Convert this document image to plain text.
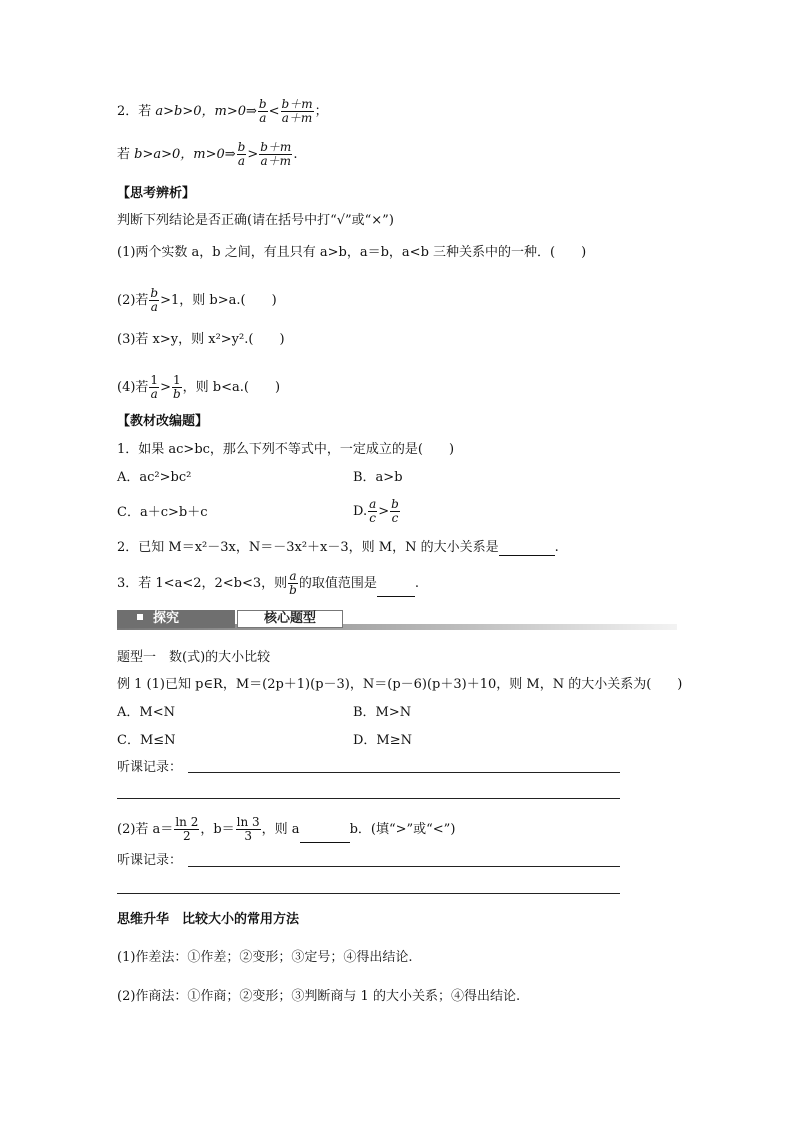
2．若 a>b>0，m>0⇒ $\frac{b}{a} < \frac{b+m}{a+m}$ ；
若 b>a>0，m>0⇒ $\frac{b}{a} > \frac{b+m}{a+m}$ .
【思考辨析】
判断下列结论是否正确(请在括号中打“√”或“×”)
(1)两个实数 a，b 之间，有且只有 a>b，a＝b，a<b 三种关系中的一种．(　　)
(2)若 $\frac{b}{a} >1$，则 b>a.(　　)
(3)若 x>y，则 x²>y².(　　)
(4)若 $\frac{1}{a} > \frac{1}{b}$ ，则 b<a.(　　)
【教材改编题】
1．如果 ac>bc，那么下列不等式中，一定成立的是(　　)
A．ac²>bc²	B．a>b
C．a＋c>b＋c	D. $\frac{a}{c} > \frac{b}{c}$
2．已知 M＝x²－3x，N＝－3x²＋x－3，则 M，N 的大小关系是	.
3．若 1<a<2，2<b<3，则 $\frac{a}{b}$ 的取值范围是	.
探究	核心题型
题型一　数(式)的大小比较
例 1 (1)已知 p∈R，M＝(2p＋1)(p－3)，N＝(p－6)(p＋3)＋10，则 M，N 的大小关系为(　　)
A．M<N	B．M>N
C．M≤N	D．M≥N
听课记录：
(2)若 $a= \frac{\ln 2}{2}$ ，$b= \frac{\ln 3}{3}$ ，则 a	b．(填“>”或“<”)
听课记录：
思维升华　比较大小的常用方法
(1)作差法：①作差；②变形；③定号；④得出结论.
(2)作商法：①作商；②变形；③判断商与 1 的大小关系；④得出结论.
